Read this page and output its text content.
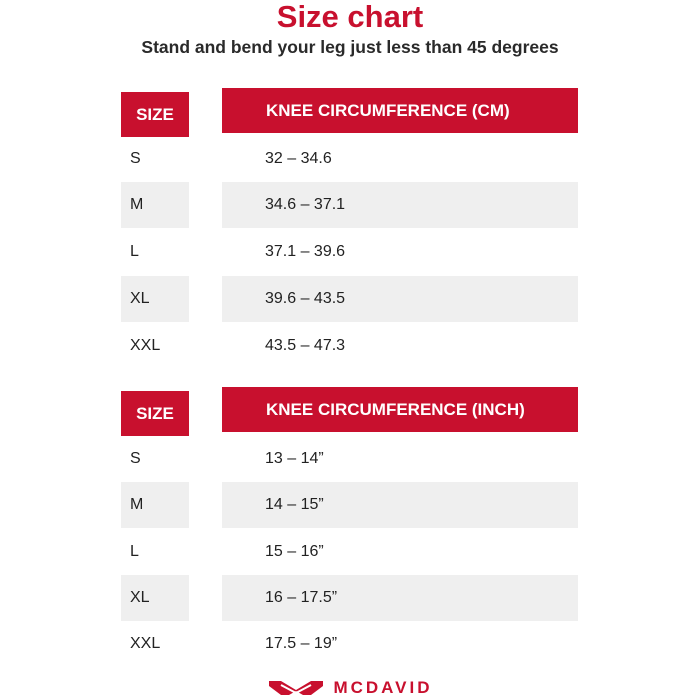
Size chart
Stand and bend your leg just less than 45 degrees
SIZE	KNEE CIRCUMFERENCE (CM)
S	32 – 34.6
M	34.6 – 37.1
L	37.1 – 39.6
XL	39.6 – 43.5
XXL	43.5 – 47.3
SIZE	KNEE CIRCUMFERENCE (INCH)
S	13 – 14”
M	14 – 15”
L	15 – 16”
XL	16 – 17.5”
XXL	17.5 – 19”
MCDAVID
